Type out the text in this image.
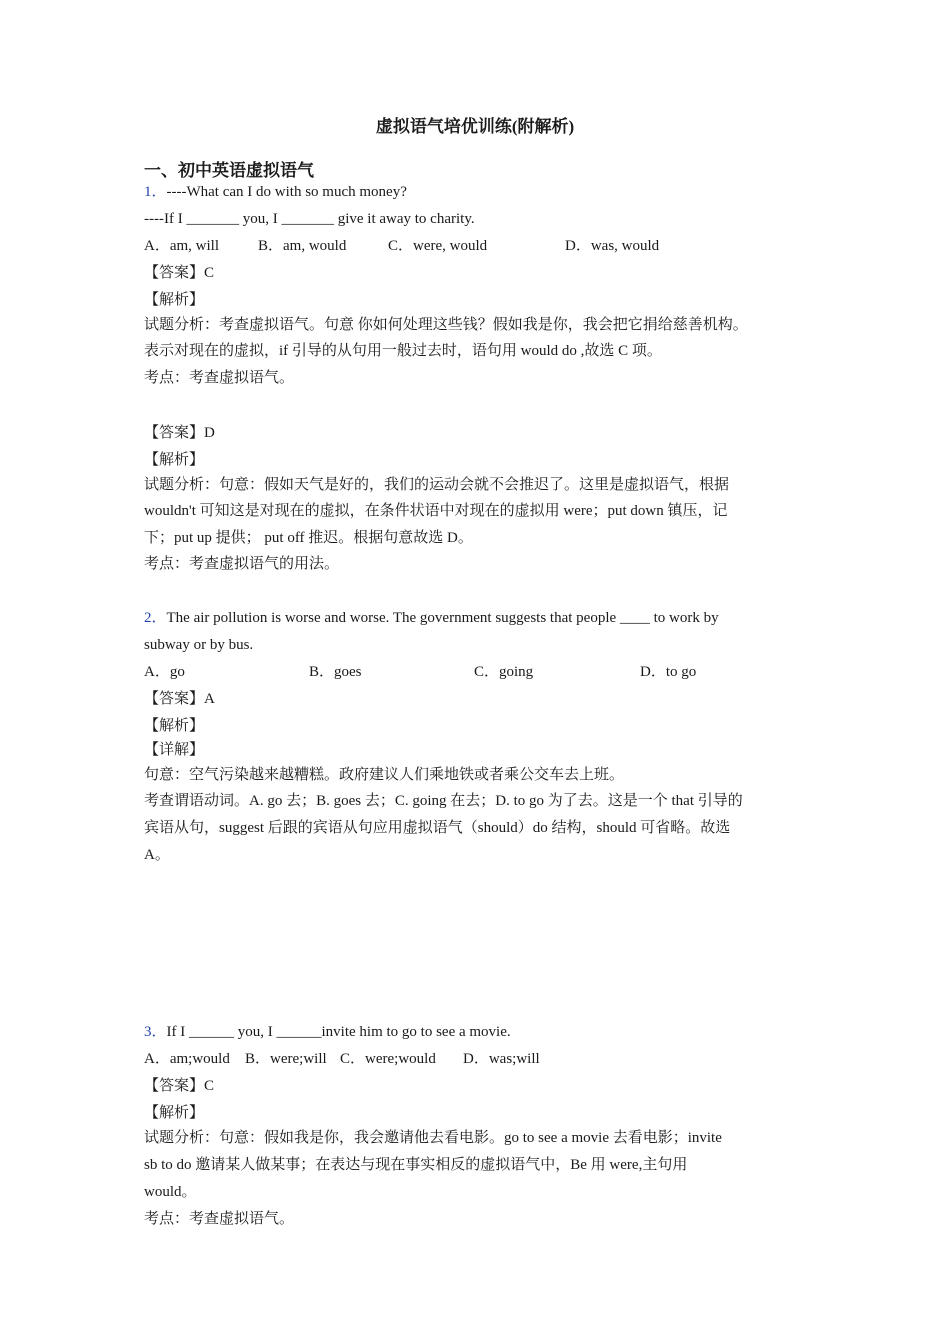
虚拟语气培优训练(附解析)
一、初中英语虚拟语气
1．----What can I do with so much money?
----If I _______ you, I _______ give it away to charity.
A．am, will	B．am, would	C．were, would	D．was, would
【答案】C
【解析】
试题分析：考查虚拟语气。句意 你如何处理这些钱？假如我是你，我会把它捐给慈善机构。
表示对现在的虚拟，if 引导的从句用一般过去时，语句用 would do ,故选 C 项。
考点：考查虚拟语气。
【答案】D
【解析】
试题分析：句意：假如天气是好的，我们的运动会就不会推迟了。这里是虚拟语气，根据
wouldn't 可知这是对现在的虚拟，在条件状语中对现在的虚拟用 were；put down 镇压，记
下；put up 提供； put off 推迟。根据句意故选 D。
考点：考查虚拟语气的用法。
2．The air pollution is worse and worse. The government suggests that people ____ to work by
subway or by bus.
A．go	B．goes	C．going	D．to go
【答案】A
【解析】
【详解】
句意：空气污染越来越糟糕。政府建议人们乘地铁或者乘公交车去上班。
考查谓语动词。A. go 去；B. goes 去；C. going 在去；D. to go 为了去。这是一个 that 引导的
宾语从句，suggest 后跟的宾语从句应用虚拟语气（should）do 结构，should 可省略。故选
A。
3．If I ______ you, I ______invite him to go to see a movie.
A．am;would B．were;will C．were;would D．was;will
【答案】C
【解析】
试题分析：句意：假如我是你，我会邀请他去看电影。go to see a movie 去看电影；invite
sb to do 邀请某人做某事；在表达与现在事实相反的虚拟语气中，Be 用 were,主句用
would。
考点：考查虚拟语气。
